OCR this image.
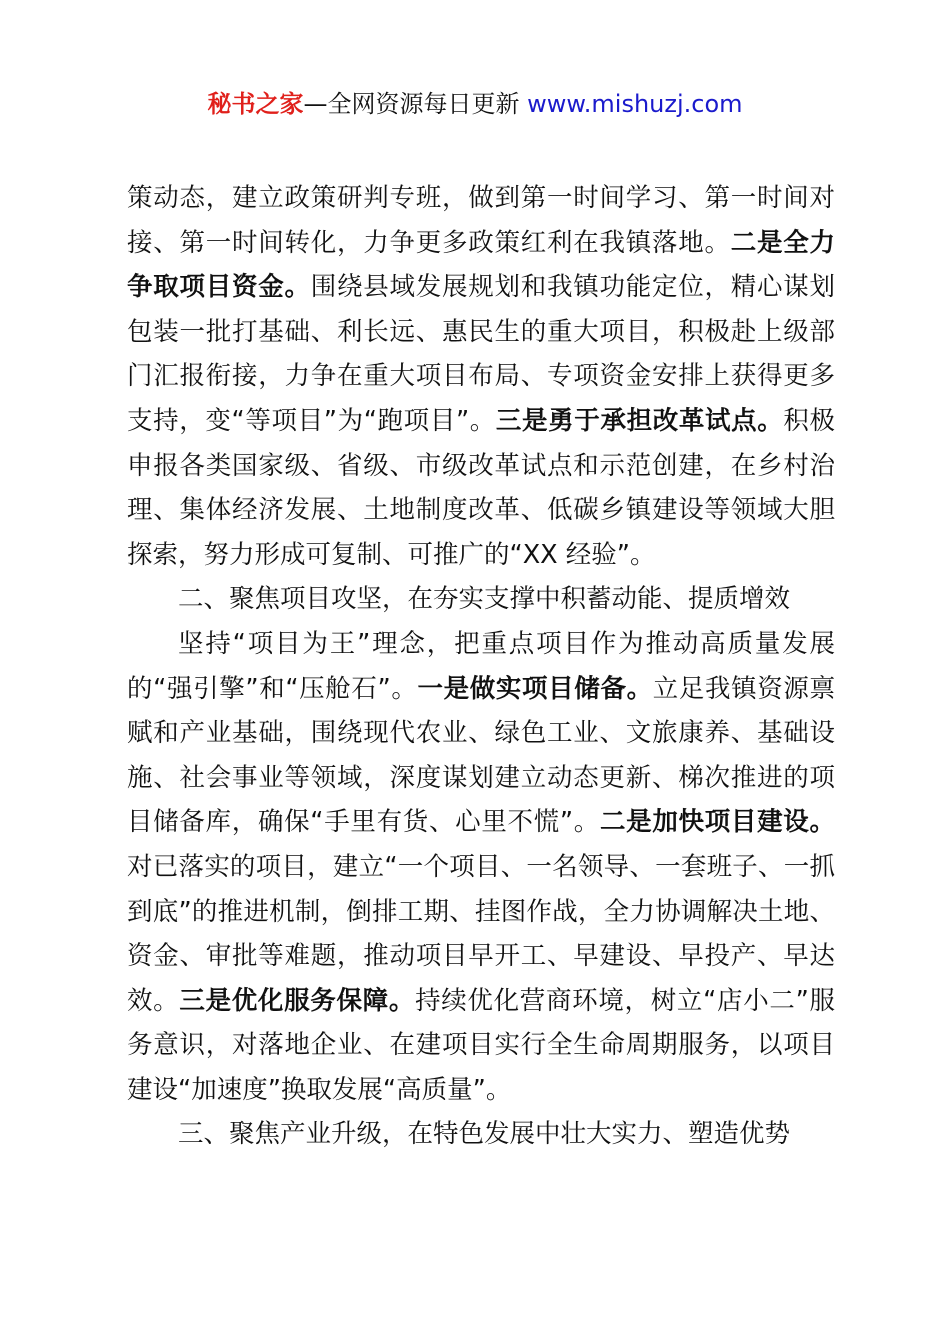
秘书之家—全网资源每日更新 www.mishuzj.com

策动态，建立政策研判专班，做到第一时间学习、第一时间对接、第一时间转化，力争更多政策红利在我镇落地。二是全力争取项目资金。围绕县域发展规划和我镇功能定位，精心谋划包装一批打基础、利长远、惠民生的重大项目，积极赴上级部门汇报衔接，力争在重大项目布局、专项资金安排上获得更多支持，变“等项目”为“跑项目”。三是勇于承担改革试点。积极申报各类国家级、省级、市级改革试点和示范创建，在乡村治理、集体经济发展、土地制度改革、低碳乡镇建设等领域大胆探索，努力形成可复制、可推广的“XX 经验”。

二、聚焦项目攻坚，在夯实支撑中积蓄动能、提质增效

坚持“项目为王”理念，把重点项目作为推动高质量发展的“强引擎”和“压舱石”。一是做实项目储备。立足我镇资源禀赋和产业基础，围绕现代农业、绿色工业、文旅康养、基础设施、社会事业等领域，深度谋划建立动态更新、梯次推进的项目储备库，确保“手里有货、心里不慌”。二是加快项目建设。对已落实的项目，建立“一个项目、一名领导、一套班子、一抓到底”的推进机制，倒排工期、挂图作战，全力协调解决土地、资金、审批等难题，推动项目早开工、早建设、早投产、早达效。三是优化服务保障。持续优化营商环境，树立“店小二”服务意识，对落地企业、在建项目实行全生命周期服务，以项目建设“加速度”换取发展“高质量”。

三、聚焦产业升级，在特色发展中壮大实力、塑造优势
